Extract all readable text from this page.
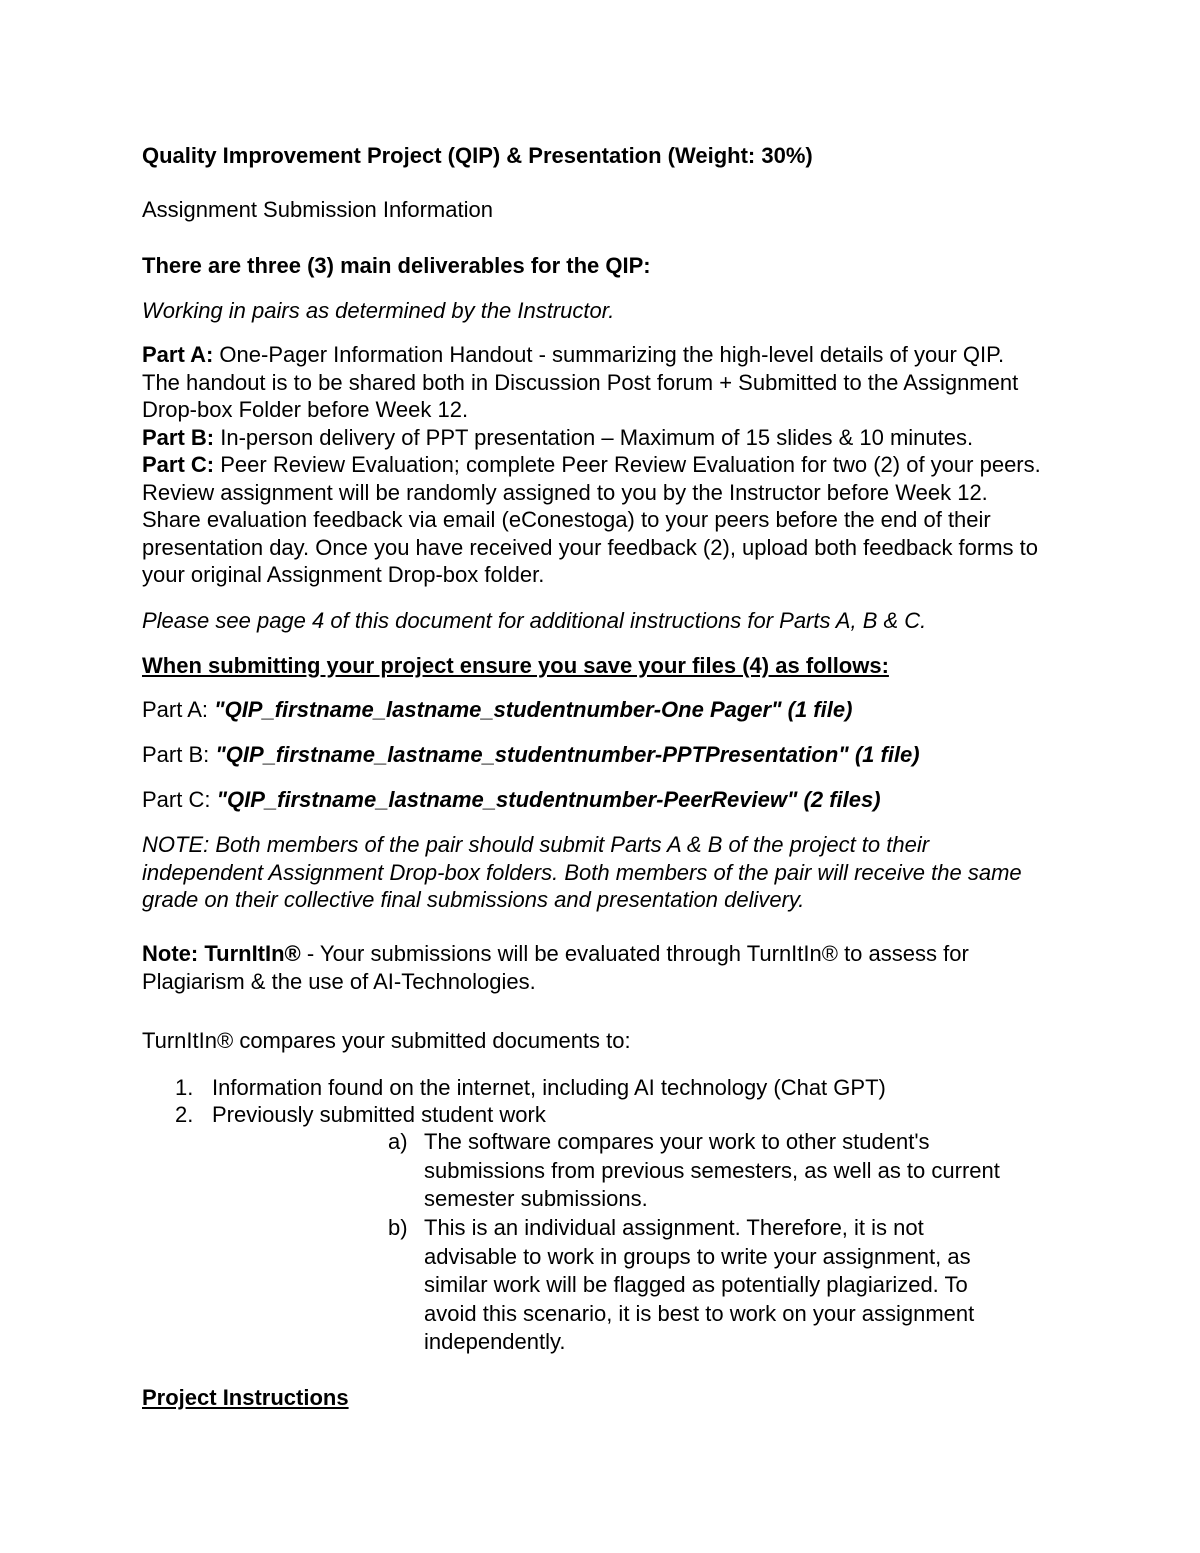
Quality Improvement Project (QIP) & Presentation (Weight: 30%)
Assignment Submission Information
There are three (3) main deliverables for the QIP:
Working in pairs as determined by the Instructor.
Part A: One-Pager Information Handout - summarizing the high-level details of your QIP. The handout is to be shared both in Discussion Post forum + Submitted to the Assignment Drop-box Folder before Week 12.
Part B: In-person delivery of PPT presentation – Maximum of 15 slides & 10 minutes.
Part C: Peer Review Evaluation; complete Peer Review Evaluation for two (2) of your peers. Review assignment will be randomly assigned to you by the Instructor before Week 12. Share evaluation feedback via email (eConestoga) to your peers before the end of their presentation day. Once you have received your feedback (2), upload both feedback forms to your original Assignment Drop-box folder.
Please see page 4 of this document for additional instructions for Parts A, B & C.
When submitting your project ensure you save your files (4) as follows:
Part A: "QIP_firstname_lastname_studentnumber-One Pager" (1 file)
Part B: "QIP_firstname_lastname_studentnumber-PPTPresentation" (1 file)
Part C: "QIP_firstname_lastname_studentnumber-PeerReview" (2 files)
NOTE: Both members of the pair should submit Parts A & B of the project to their independent Assignment Drop-box folders. Both members of the pair will receive the same grade on their collective final submissions and presentation delivery.
Note: TurnItIn® - Your submissions will be evaluated through TurnItIn® to assess for Plagiarism & the use of AI-Technologies.
TurnItIn® compares your submitted documents to:
1. Information found on the internet, including AI technology (Chat GPT)
2. Previously submitted student work
a) The software compares your work to other student's submissions from previous semesters, as well as to current semester submissions.
b) This is an individual assignment. Therefore, it is not advisable to work in groups to write your assignment, as similar work will be flagged as potentially plagiarized. To avoid this scenario, it is best to work on your assignment independently.
Project Instructions
